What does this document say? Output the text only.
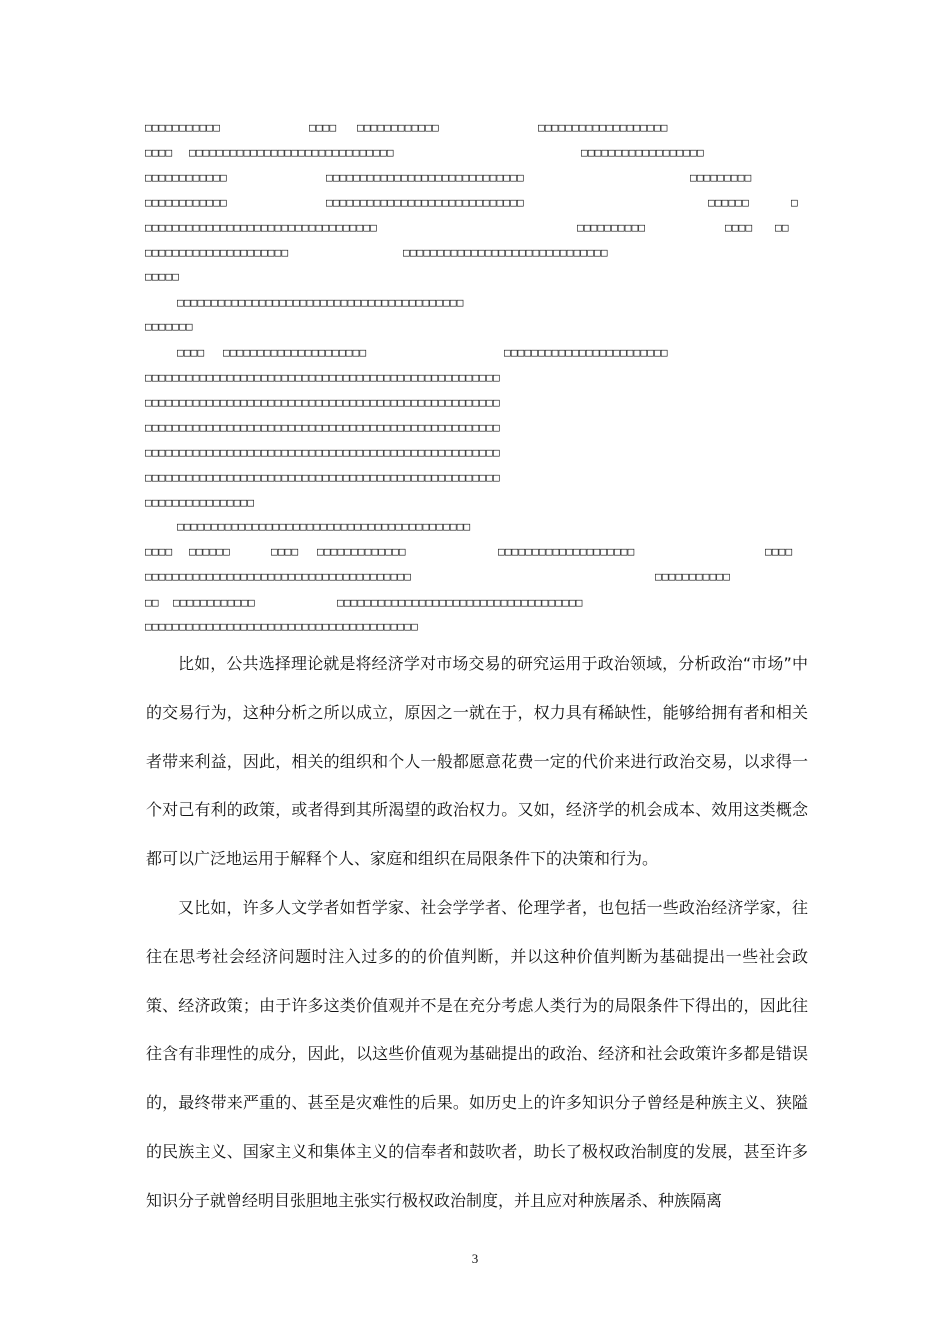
□□□□□□□□□□□	□□□□ □□□□□□□□□□□□	□□□□□□□□□□□□□□□□□□□
□□□□ □□□□□□□□□□□□□□□□□□□□□□□□□□□□□□	□□□□□□□□□□□□□□□□□□
□□□□□□□□□□□□	□□□□□□□□□□□□□□□□□□□□□□□□□□□□□	□□□□□□□□□
□□□□□□□□□□□□	□□□□□□□□□□□□□□□□□□□□□□□□□□□□□	□□□□□□	□
□□□□□□□□□□□□□□□□□□□□□□□□□□□□□□□□□□	□□□□□□□□□□	□□□□ □□
□□□□□□□□□□□□□□□□□□□□□	□□□□□□□□□□□□□□□□□□□□□□□□□□□□□□
□□□□□
□□□□□□□□□□□□□□□□□□□□□□□□□□□□□□□□□□□□□□□□□□
□□□□□□□
□□□□ □□□□□□□□□□□□□□□□□□□□□	□□□□□□□□□□□□□□□□□□□□□□□□
□□□□□□□□□□□□□□□□□□□□□□□□□□□□□□□□□□□□□□□□□□□□□□□□□□□□
□□□□□□□□□□□□□□□□□□□□□□□□□□□□□□□□□□□□□□□□□□□□□□□□□□□□
□□□□□□□□□□□□□□□□□□□□□□□□□□□□□□□□□□□□□□□□□□□□□□□□□□□□
□□□□□□□□□□□□□□□□□□□□□□□□□□□□□□□□□□□□□□□□□□□□□□□□□□□□
□□□□□□□□□□□□□□□□□□□□□□□□□□□□□□□□□□□□□□□□□□□□□□□□□□□□
□□□□□□□□□□□□□□□□
□□□□□□□□□□□□□□□□□□□□□□□□□□□□□□□□□□□□□□□□□□□
□□□□ □□□□□□	□□□□ □□□□□□□□□□□□□	□□□□□□□□□□□□□□□□□□□□	□□□□
□□□□□□□□□□□□□□□□□□□□□□□□□□□□□□□□□□□□□□□	□□□□□□□□□□□
□□ □□□□□□□□□□□□	□□□□□□□□□□□□□□□□□□□□□□□□□□□□□□□□□□□□
□□□□□□□□□□□□□□□□□□□□□□□□□□□□□□□□□□□□□□□□

比如，公共选择理论就是将经济学对市场交易的研究运用于政治领域，分析政治“市场”中的交易行为，这种分析之所以成立，原因之一就在于，权力具有稀缺性，能够给拥有者和相关者带来利益，因此，相关的组织和个人一般都愿意花费一定的代价来进行政治交易，以求得一个对己有利的政策，或者得到其所渴望的政治权力。又如，经济学的机会成本、效用这类概念都可以广泛地运用于解释个人、家庭和组织在局限条件下的决策和行为。

又比如，许多人文学者如哲学家、社会学学者、伦理学者，也包括一些政治经济学家，往往在思考社会经济问题时注入过多的的价值判断，并以这种价值判断为基础提出一些社会政策、经济政策；由于许多这类价值观并不是在充分考虑人类行为的局限条件下得出的，因此往往含有非理性的成分，因此，以这些价值观为基础提出的政治、经济和社会政策许多都是错误的，最终带来严重的、甚至是灾难性的后果。如历史上的许多知识分子曾经是种族主义、狭隘的民族主义、国家主义和集体主义的信奉者和鼓吹者，助长了极权政治制度的发展，甚至许多知识分子就曾经明目张胆地主张实行极权政治制度，并且应对种族屠杀、种族隔离

3
